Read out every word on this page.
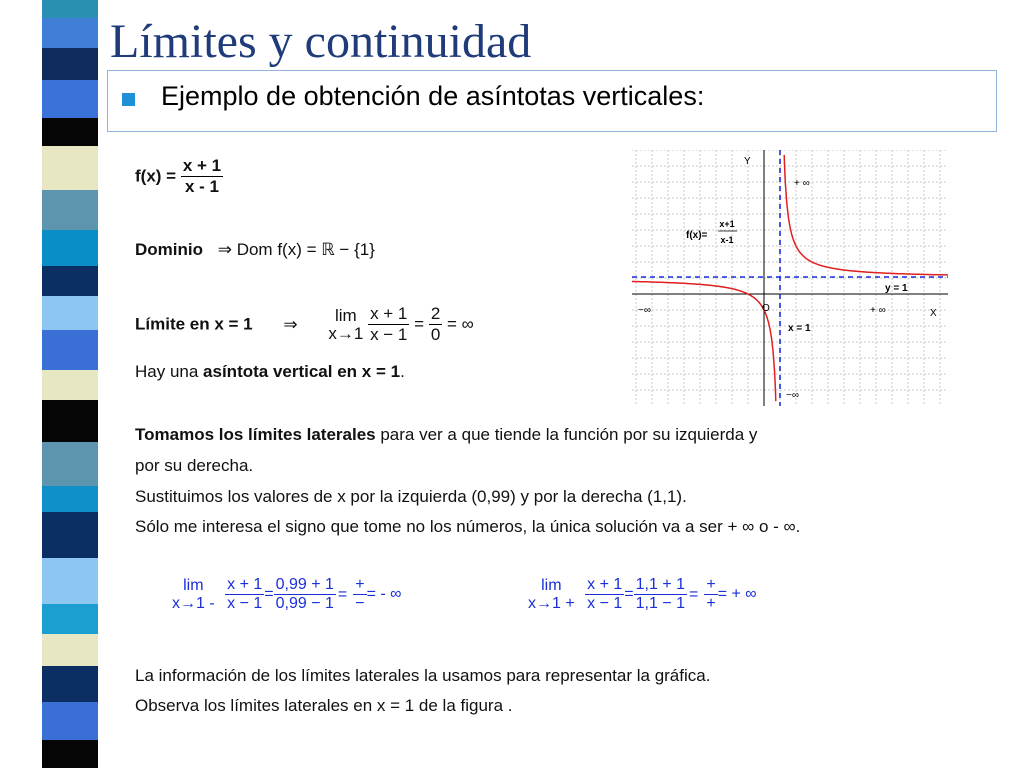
Límites y continuidad
Ejemplo de obtención de asíntotas verticales:
$f(x) = \frac{x + 1}{x - 1}$
Dominio ⇒ Dom f(x) = ℝ − {1}
Límite en x = 1 ⇒	lim
x→1
$\frac{x + 1}{x - 1} = \frac{2}{0}$ = ∞
Hay una asíntota vertical en x = 1.
Tomamos los límites laterales para ver a que tiende la función por su izquierda y
por su derecha.
Sustituimos los valores de x por la izquierda (0,99) y por la derecha (1,1).
Sólo me interesa el signo que tome no los números, la única solución va a ser + ∞ o - ∞.
lim
x→1 -
$\frac{x + 1}{x - 1} = \frac{0,99 + 1}{0,99 - 1} = \frac{+}{-}$ = - ∞
lim
x→1 +
$\frac{x + 1}{x - 1} = \frac{1,1 + 1}{1,1 - 1} = \frac{+}{+}$ = + ∞
La información de los límites laterales la usamos para representar la gráfica.
Observa los límites laterales en x = 1 de la figura .
Y
X
O
+ ∞
−∞
−∞	+ ∞
f(x)=
x+1
x-1
y = 1
x = 1
